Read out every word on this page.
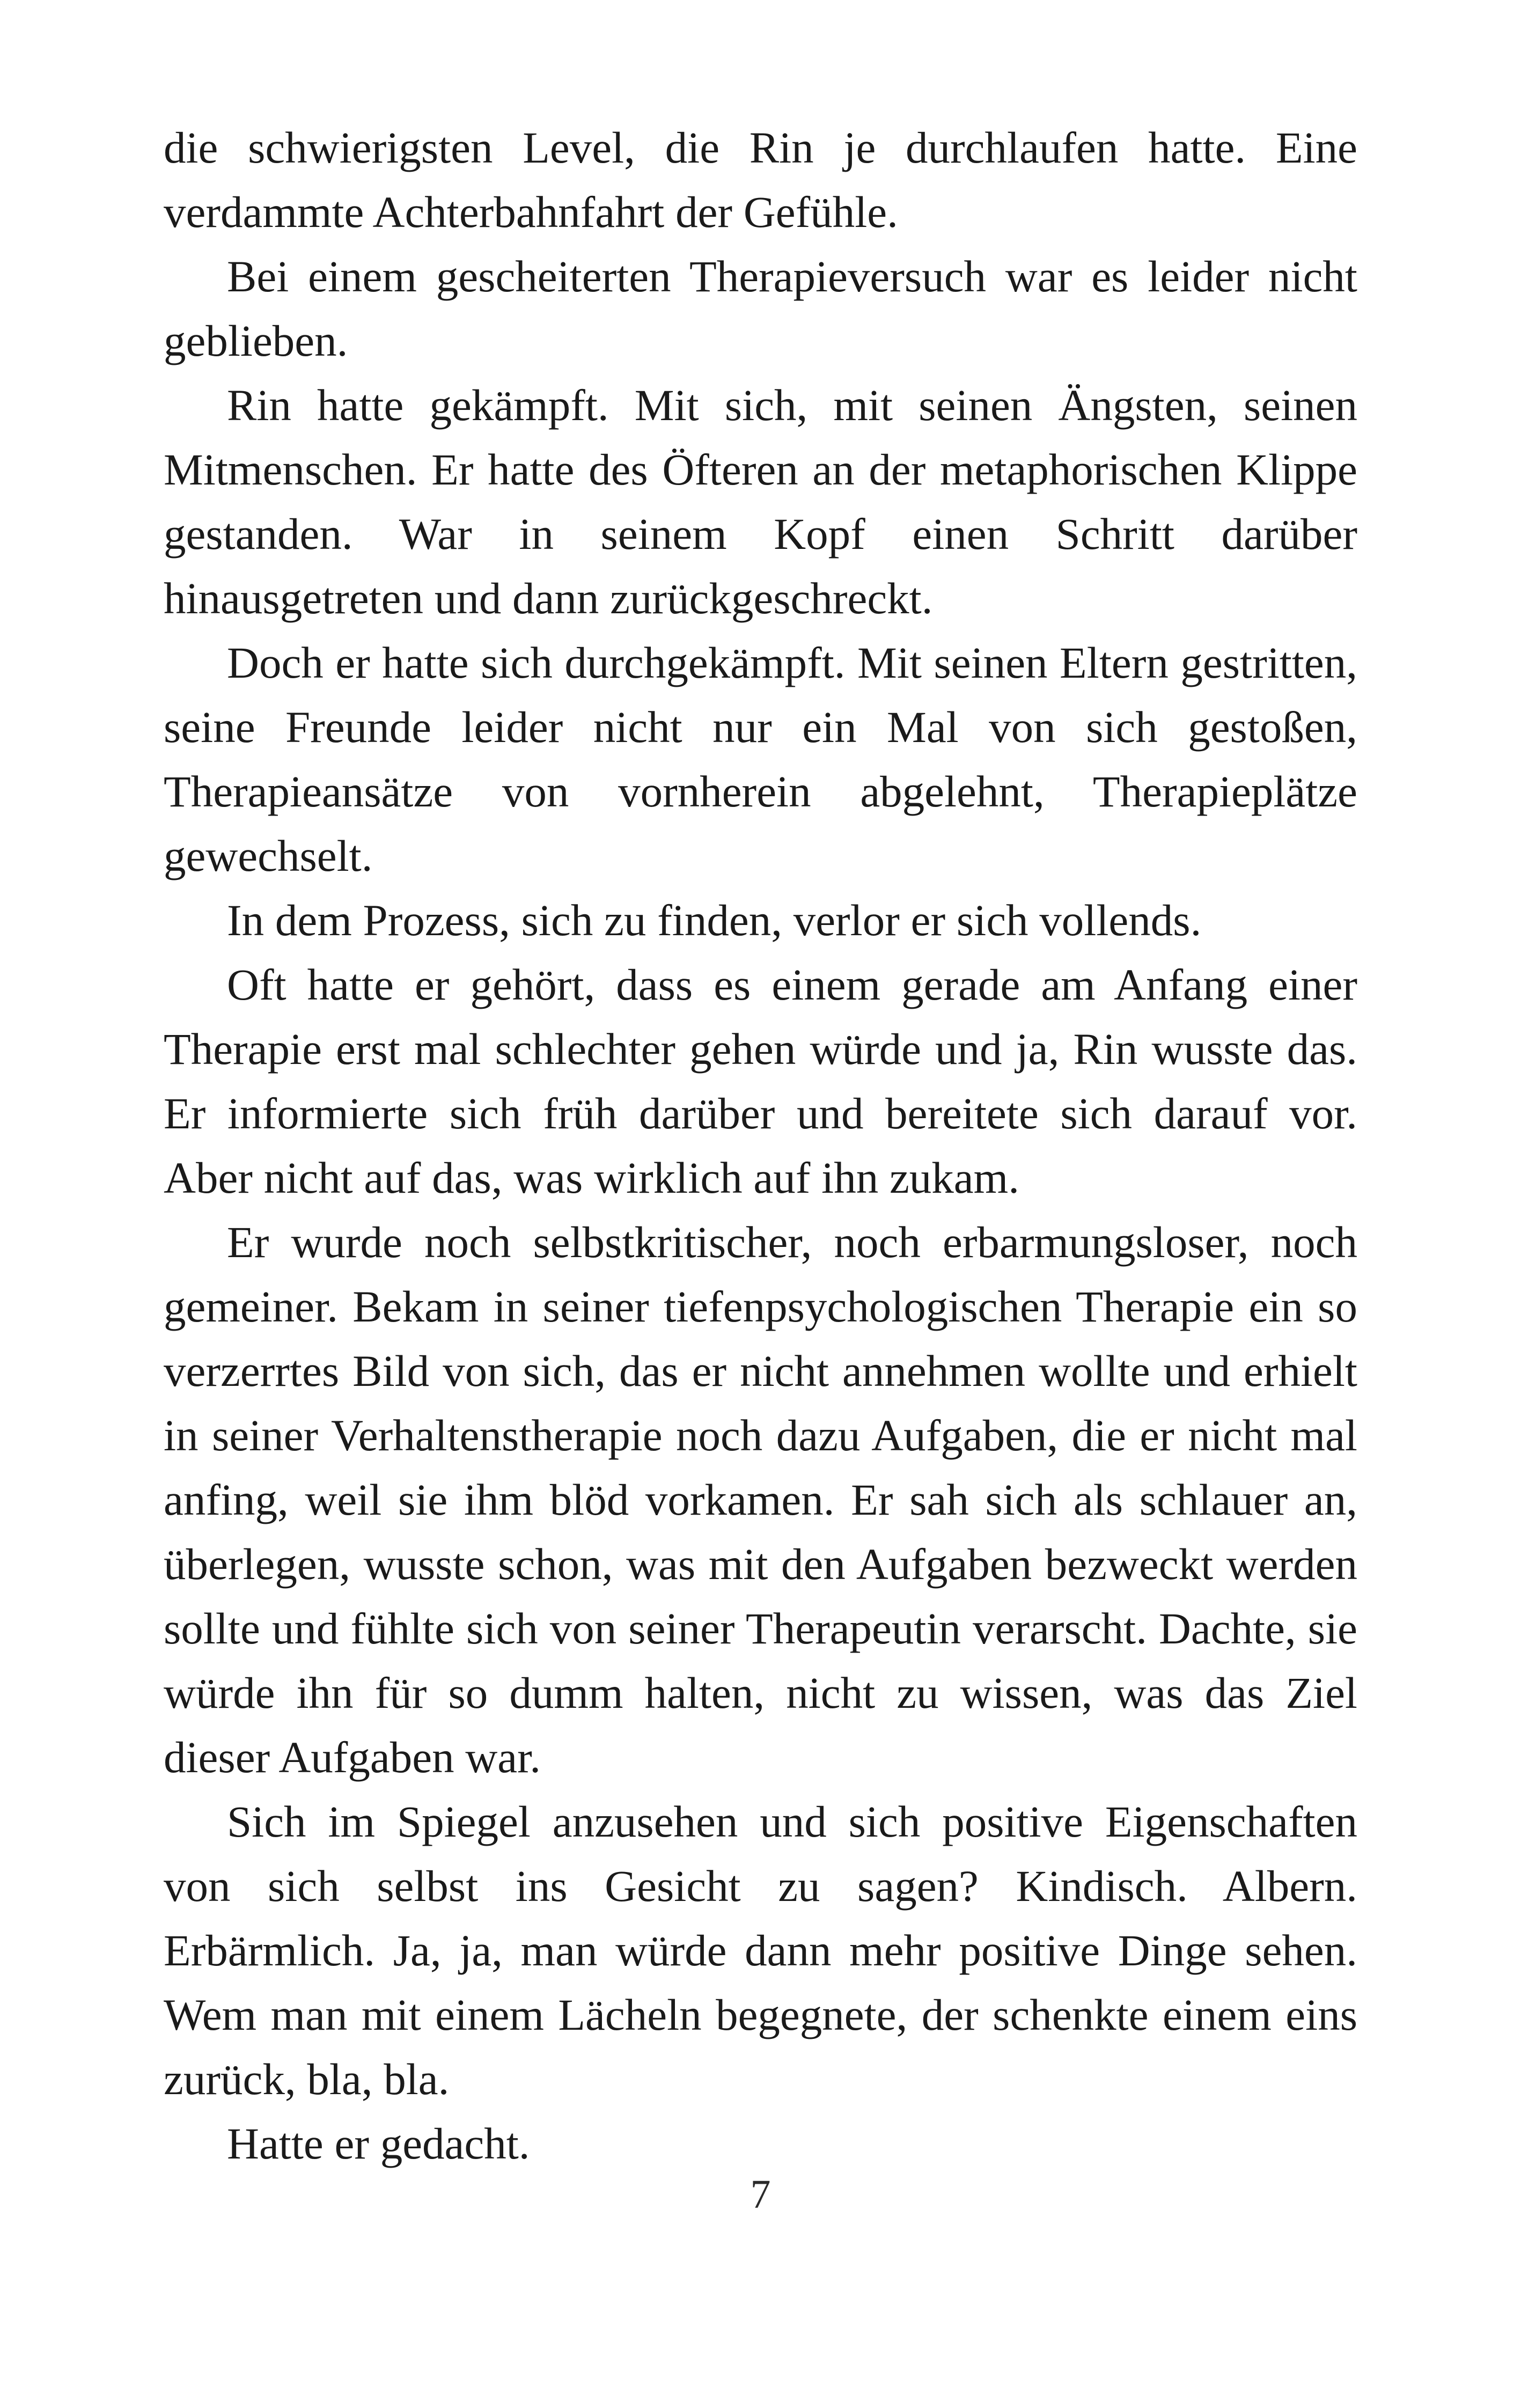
die schwierigsten Level, die Rin je durchlaufen hatte. Eine verdammte Achterbahnfahrt der Gefühle.

Bei einem gescheiterten Therapieversuch war es leider nicht geblieben.

Rin hatte gekämpft. Mit sich, mit seinen Ängsten, seinen Mitmenschen. Er hatte des Öfteren an der metaphorischen Klippe gestanden. War in seinem Kopf einen Schritt darüber hinausgetreten und dann zurückgeschreckt.

Doch er hatte sich durchgekämpft. Mit seinen Eltern gestritten, seine Freunde leider nicht nur ein Mal von sich gestoßen, Therapieansätze von vornherein abgelehnt, Therapieplätze gewechselt.

In dem Prozess, sich zu finden, verlor er sich vollends.

Oft hatte er gehört, dass es einem gerade am Anfang einer Therapie erst mal schlechter gehen würde und ja, Rin wusste das. Er informierte sich früh darüber und bereitete sich darauf vor. Aber nicht auf das, was wirklich auf ihn zukam.

Er wurde noch selbstkritischer, noch erbarmungsloser, noch gemeiner. Bekam in seiner tiefenpsychologischen Therapie ein so verzerrtes Bild von sich, das er nicht annehmen wollte und erhielt in seiner Verhaltenstherapie noch dazu Aufgaben, die er nicht mal anfing, weil sie ihm blöd vorkamen. Er sah sich als schlauer an, überlegen, wusste schon, was mit den Aufgaben bezweckt werden sollte und fühlte sich von seiner Therapeutin verarscht. Dachte, sie würde ihn für so dumm halten, nicht zu wissen, was das Ziel dieser Aufgaben war.

Sich im Spiegel anzusehen und sich positive Eigenschaften von sich selbst ins Gesicht zu sagen? Kindisch. Albern. Erbärmlich. Ja, ja, man würde dann mehr positive Dinge sehen. Wem man mit einem Lächeln begegnete, der schenkte einem eins zurück, bla, bla.

Hatte er gedacht.

7
